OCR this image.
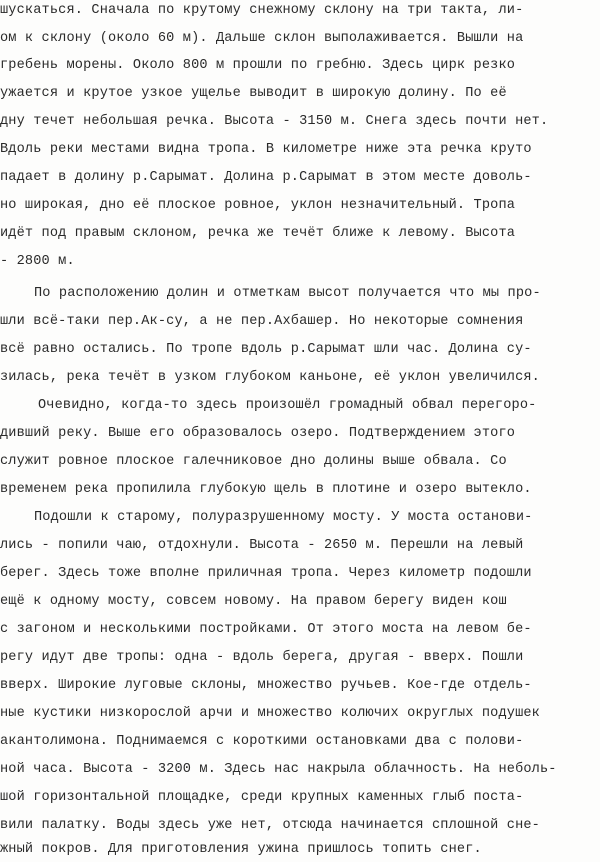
шускаться. Сначала по крутому снежному склону на три такта, ли-
ом к склону (около 60 м). Дальше склон выполаживается. Вышли на
гребень морены. Около 800 м прошли по гребню. Здесь цирк резко
ужается и крутое узкое ущелье выводит в широкую долину. По её
дну течет небольшая речка. Высота - 3150 м. Снега здесь почти нет.
Вдоль реки местами видна тропа. В километре ниже эта речка круто
падает в долину р.Сарымат. Долина р.Сарымат в этом месте доволь-
но широкая, дно её плоское ровное, уклон незначительный. Тропа
идёт под правым склоном, речка же течёт ближе к левому. Высота
- 2800 м.
По расположению долин и отметкам высот получается что мы про-
шли всё-таки пер.Ак-су, а не пер.Ахбашер. Но некоторые сомнения
всё равно остались. По тропе вдоль р.Сарымат шли час. Долина су-
зилась, река течёт в узком глубоком каньоне, её уклон увеличился.
Очевидно, когда-то здесь произошёл громадный обвал перегоро-
дивший реку. Выше его образовалось озеро. Подтверждением этого
служит ровное плоское галечниковое дно долины выше обвала. Со
временем река пропилила глубокую щель в плотине и озеро вытекло.
Подошли к старому, полуразрушенному мосту. У моста останови-
лись - попили чаю, отдохнули. Высота - 2650 м. Перешли на левый
берег. Здесь тоже вполне приличная тропа. Через километр подошли
ещё к одному мосту, совсем новому. На правом берегу виден кош
с загоном и несколькими постройками. От этого моста на левом бе-
регу идут две тропы: одна - вдоль берега, другая - вверх. Пошли
вверх. Широкие луговые склоны, множество ручьев. Кое-где отдель-
ные кустики низкорослой арчи и множество колючих округлых подушек
акантолимона. Поднимаемся с короткими остановками два с полови-
ной часа. Высота - 3200 м. Здесь нас накрыла облачность. На неболь-
шой горизонтальной площадке, среди крупных каменных глыб поста-
вили палатку. Воды здесь уже нет, отсюда начинается сплошной сне-
жный покров. Для приготовления ужина пришлось топить снег.
